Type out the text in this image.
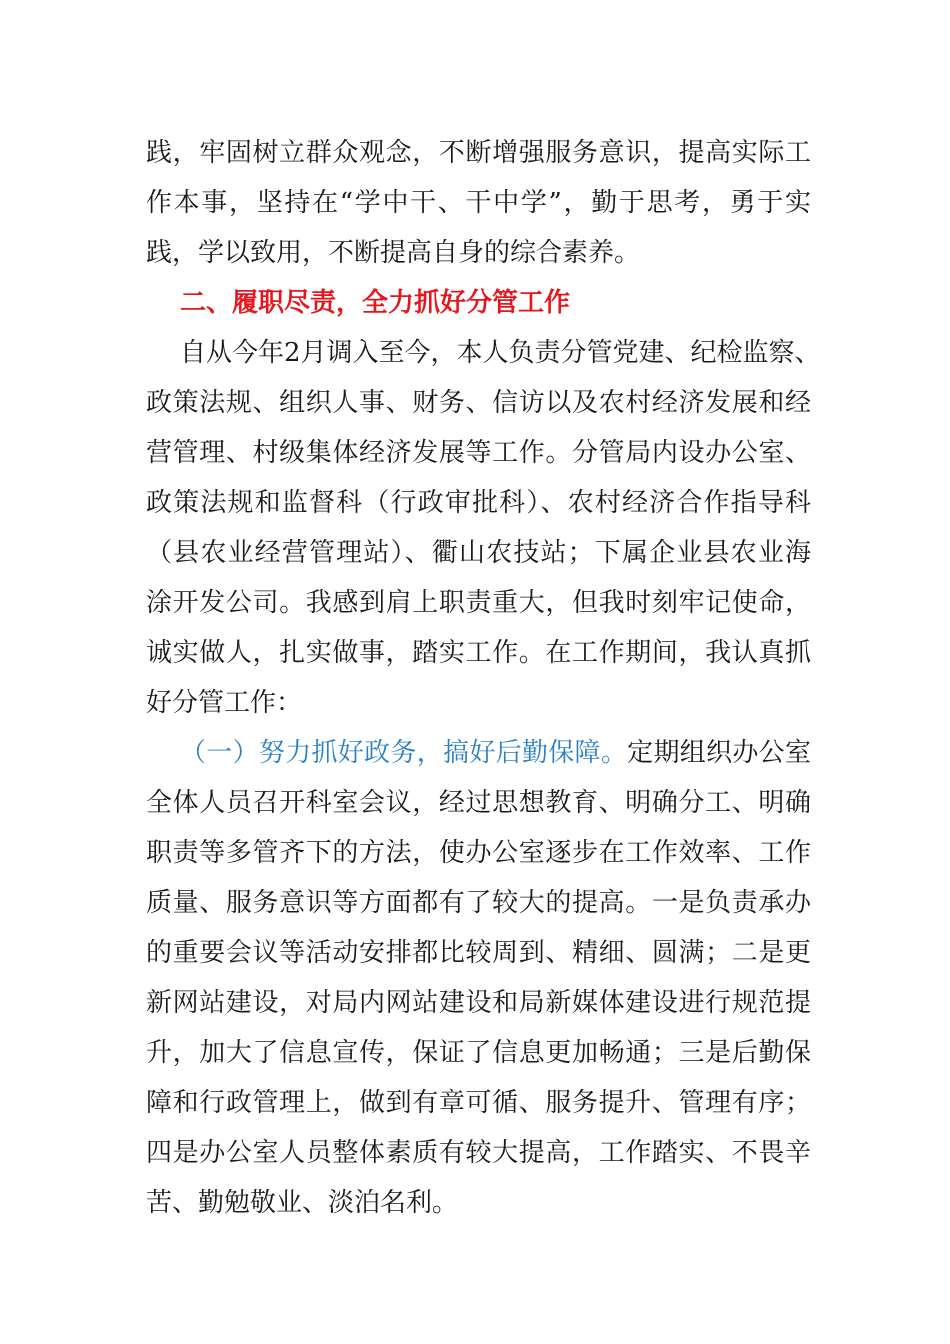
践，牢固树立群众观念，不断增强服务意识，提高实际工
作本事，坚持在“学中干、干中学”，勤于思考，勇于实
践，学以致用，不断提高自身的综合素养。
二、履职尽责，全力抓好分管工作
自从今年2月调入至今，本人负责分管党建、纪检监察、
政策法规、组织人事、财务、信访以及农村经济发展和经
营管理、村级集体经济发展等工作。分管局内设办公室、
政策法规和监督科（行政审批科）、农村经济合作指导科
（县农业经营管理站）、衢山农技站；下属企业县农业海
涂开发公司。我感到肩上职责重大，但我时刻牢记使命，
诚实做人，扎实做事，踏实工作。在工作期间，我认真抓
好分管工作：
（一）努力抓好政务，搞好后勤保障。定期组织办公室
全体人员召开科室会议，经过思想教育、明确分工、明确
职责等多管齐下的方法，使办公室逐步在工作效率、工作
质量、服务意识等方面都有了较大的提高。一是负责承办
的重要会议等活动安排都比较周到、精细、圆满；二是更
新网站建设，对局内网站建设和局新媒体建设进行规范提
升，加大了信息宣传，保证了信息更加畅通；三是后勤保
障和行政管理上，做到有章可循、服务提升、管理有序；
四是办公室人员整体素质有较大提高，工作踏实、不畏辛
苦、勤勉敬业、淡泊名利。
